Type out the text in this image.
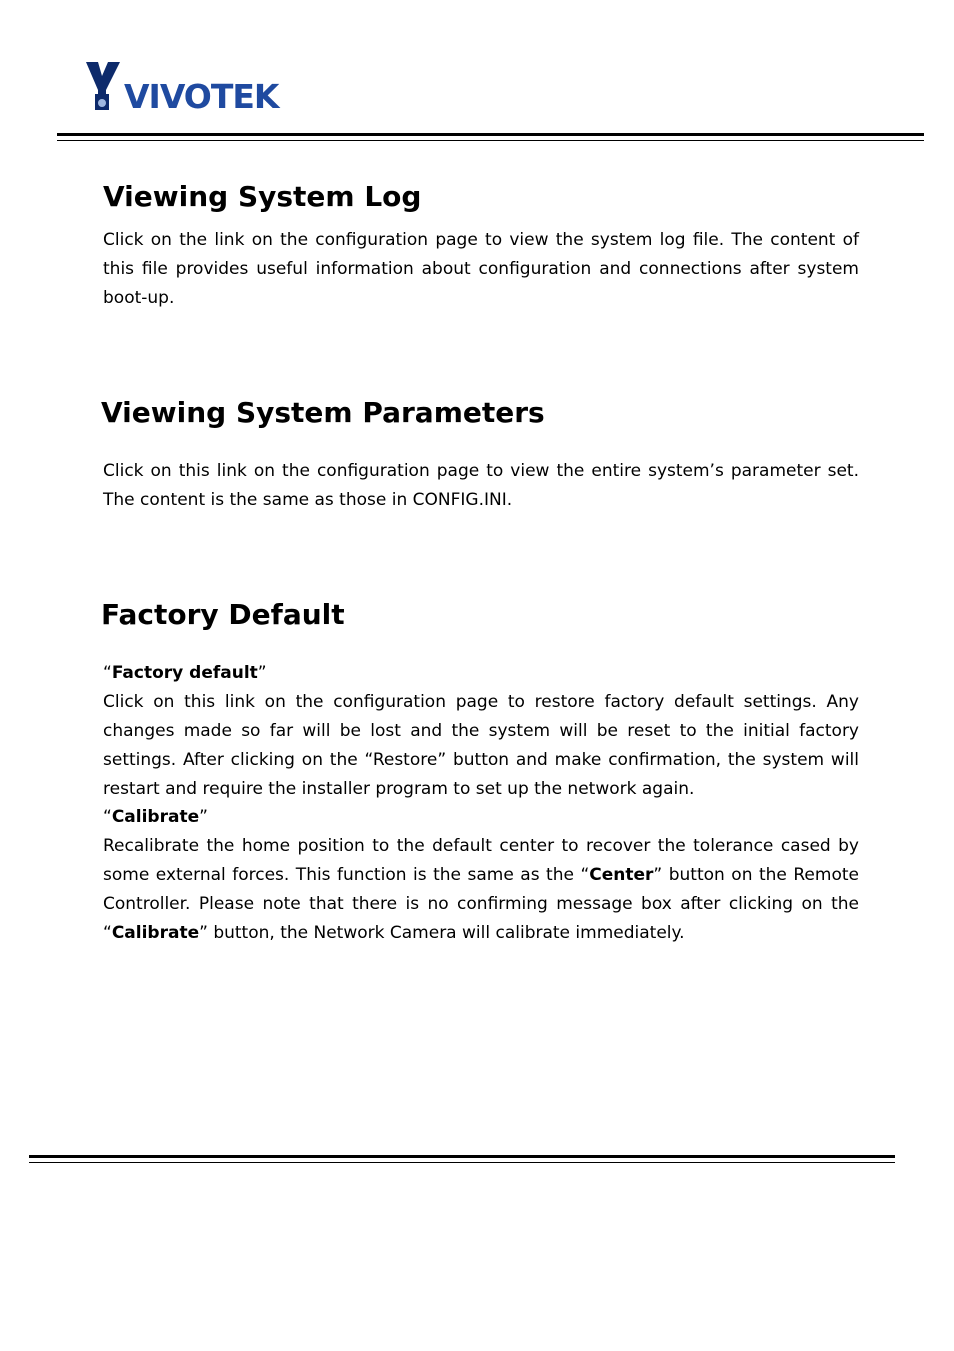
VIVOTEK
Viewing System Log

Click on the link on the configuration page to view the system log file. The content of this file provides useful information about configuration and connections after system boot-up.

Viewing System Parameters

Click on this link on the configuration page to view the entire system’s parameter set. The content is the same as those in CONFIG.INI.

Factory Default

“Factory default”

Click on this link on the configuration page to restore factory default settings. Any changes made so far will be lost and the system will be reset to the initial factory settings. After clicking on the “Restore” button and make confirmation, the system will restart and require the installer program to set up the network again.

“Calibrate”

Recalibrate the home position to the default center to recover the tolerance cased by some external forces. This function is the same as the “Center” button on the Remote Controller. Please note that there is no confirming message box after clicking on the “Calibrate” button, the Network Camera will calibrate immediately.
